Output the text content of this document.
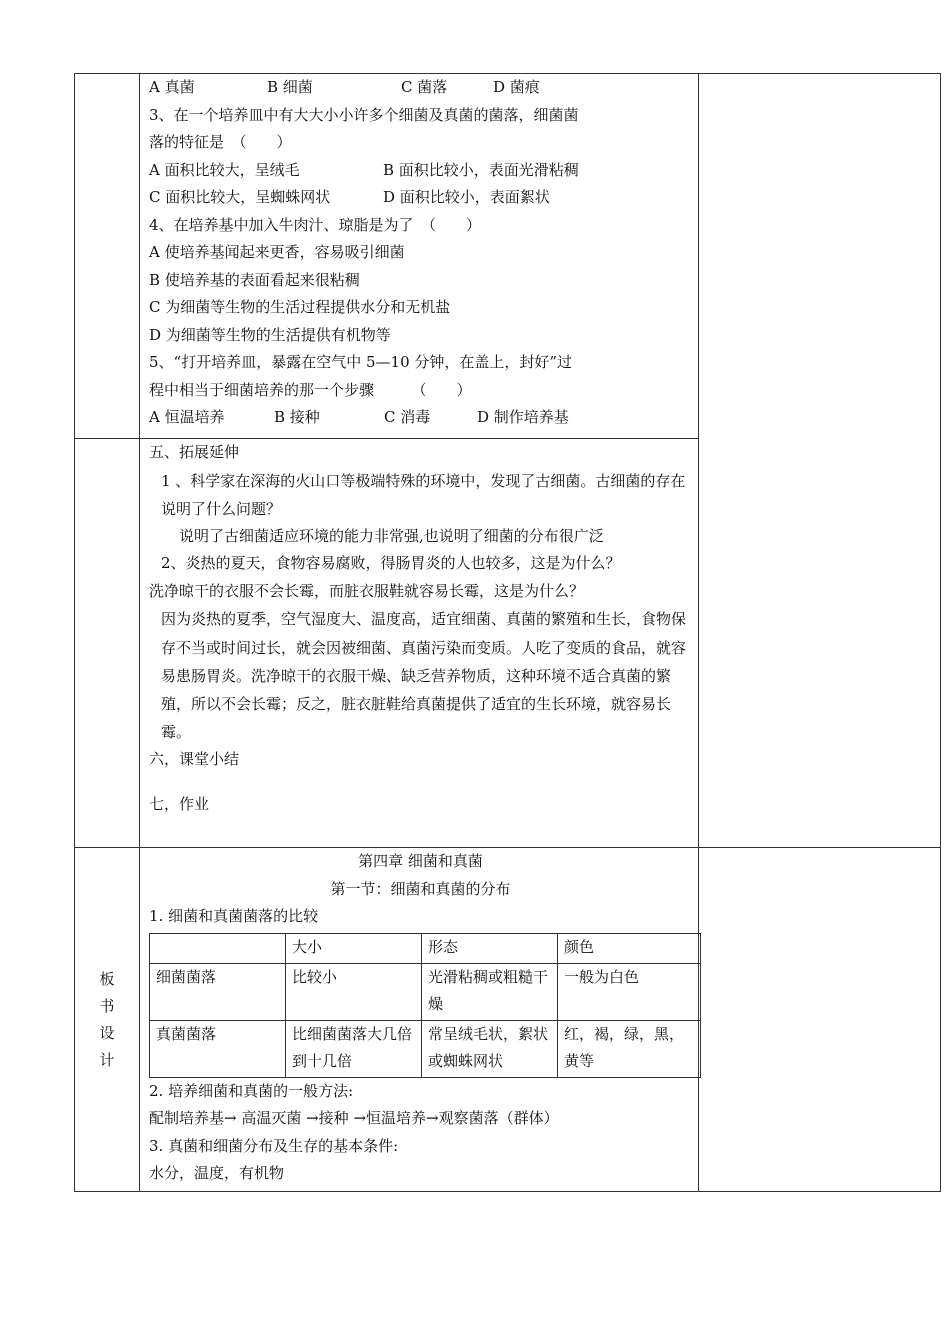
A 真菌	B 细菌	C 菌落	D 菌痕
3、在一个培养皿中有大大小小许多个细菌及真菌的菌落，细菌菌
落的特征是　（　　）
A 面积比较大，呈绒毛	B 面积比较小，表面光滑粘稠
C 面积比较大，呈蜘蛛网状	D 面积比较小，表面絮状
4、在培养基中加入牛肉汁、琼脂是为了　（　　）
A 使培养基闻起来更香，容易吸引细菌
B 使培养基的表面看起来很粘稠
C 为细菌等生物的生活过程提供水分和无机盐
D 为细菌等生物的生活提供有机物等
5、“打开培养皿，暴露在空气中 5—10 分钟，在盖上，封好”过
程中相当于细菌培养的那一个步骤　　　（　　）
A 恒温培养	B 接种	C 消毒	D 制作培养基

五、拓展延伸
1 、科学家在深海的火山口等极端特殊的环境中，发现了古细菌。古细菌的存在说明了什么问题？
说明了古细菌适应环境的能力非常强,也说明了细菌的分布很广泛
2、炎热的夏天，食物容易腐败，得肠胃炎的人也较多，这是为什么？
洗净晾干的衣服不会长霉，而脏衣服鞋就容易长霉，这是为什么？
因为炎热的夏季，空气湿度大、温度高，适宜细菌、真菌的繁殖和生长，食物保存不当或时间过长，就会因被细菌、真菌污染而变质。人吃了变质的食品，就容易患肠胃炎。洗净晾干的衣服干燥、缺乏营养物质，这种环境不适合真菌的繁殖，所以不会长霉；反之，脏衣脏鞋给真菌提供了适宜的生长环境，就容易长霉。
六，课堂小结
七，作业

板
书
设
计

第四章 细菌和真菌
第一节：细菌和真菌的分布
1. 细菌和真菌菌落的比较
	大小	形态	颜色
细菌菌落	比较小	光滑粘稠或粗糙干燥	一般为白色
真菌菌落	比细菌菌落大几倍到十几倍	常呈绒毛状，絮状或蜘蛛网状	红，褐，绿，黑，黄等
2. 培养细菌和真菌的一般方法:
配制培养基→ 高温灭菌 →接种 →恒温培养→观察菌落（群体）
3. 真菌和细菌分布及生存的基本条件:
水分，温度，有机物
